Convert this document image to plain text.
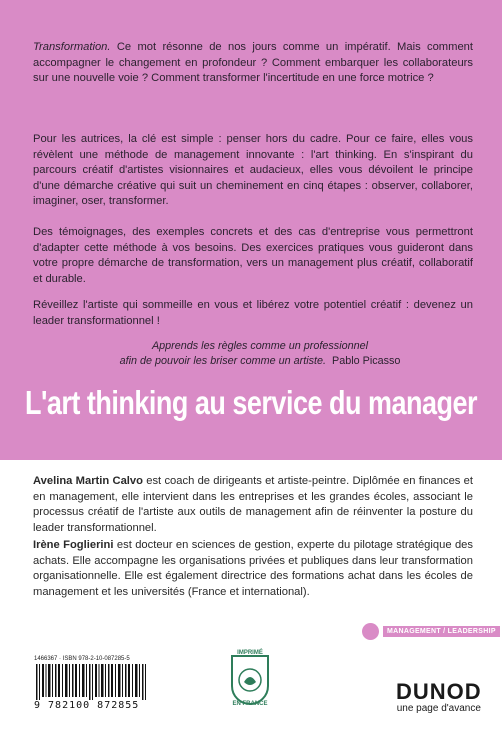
Transformation. Ce mot résonne de nos jours comme un impératif. Mais comment accompagner le changement en profondeur ? Comment embarquer les collaborateurs sur une nouvelle voie ? Comment transformer l'incertitude en une force motrice ?
Pour les autrices, la clé est simple : penser hors du cadre. Pour ce faire, elles vous révèlent une méthode de management innovante : l'art thinking. En s'inspirant du parcours créatif d'artistes visionnaires et audacieux, elles vous dévoilent le principe d'une démarche créative qui suit un cheminement en cinq étapes : observer, collaborer, imaginer, oser, transformer.
Des témoignages, des exemples concrets et des cas d'entreprise vous permettront d'adapter cette méthode à vos besoins. Des exercices pratiques vous guideront dans votre propre démarche de transformation, vers un management plus créatif, collaboratif et durable.
Réveillez l'artiste qui sommeille en vous et libérez votre potentiel créatif : devenez un leader transformationnel !
Apprends les règles comme un professionnel
afin de pouvoir les briser comme un artiste. Pablo Picasso
L'art thinking au service du manager
Avelina Martin Calvo est coach de dirigeants et artiste-peintre. Diplômée en finances et en management, elle intervient dans les entreprises et les grandes écoles, associant le processus créatif de l'artiste aux outils de management afin de réinventer la posture du leader transformationnel.
Irène Foglierini est docteur en sciences de gestion, experte du pilotage stratégique des achats. Elle accompagne les organisations privées et publiques dans leur transformation organisationnelle. Elle est également directrice des formations achat dans les écoles de management et les universités (France et international).
MANAGEMENT / LEADERSHIP
1466367 · ISBN 978-2-10-087285-5
9 782100 872855
IMPRIMÉ
EN FRANCE	DUNOD
une page d'avance
